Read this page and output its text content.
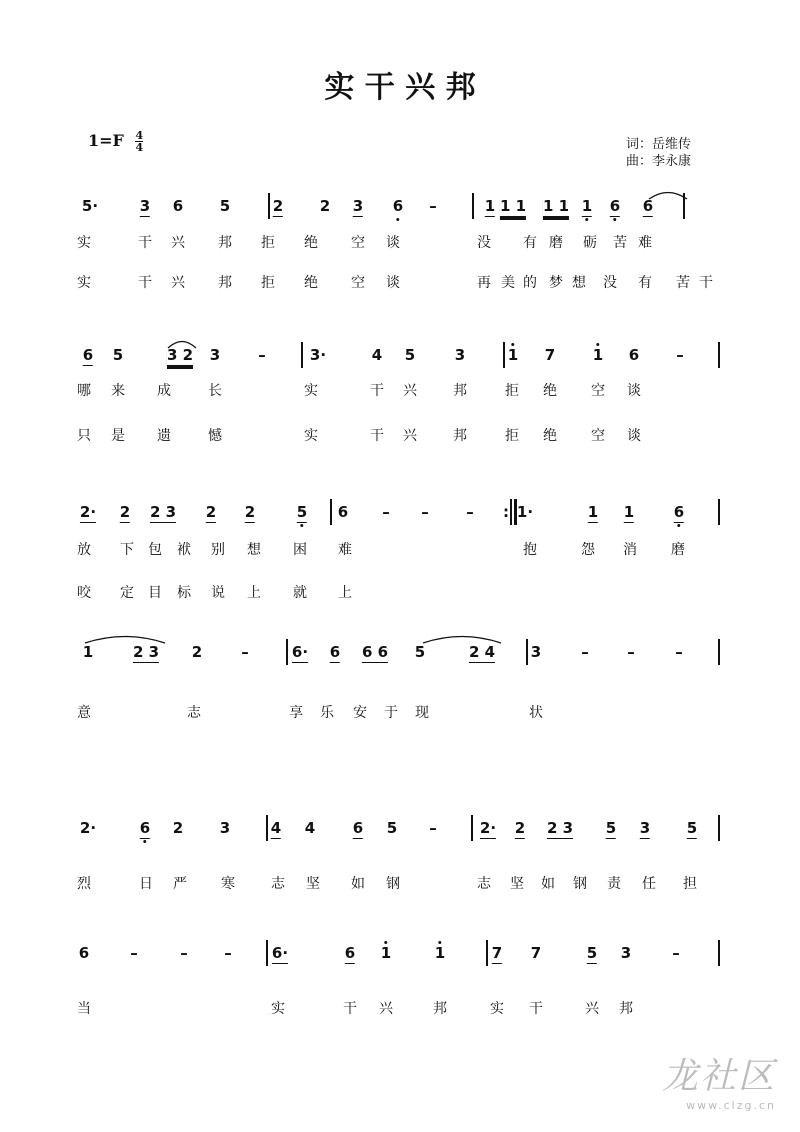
实 干 兴 邦
$1=F \frac{4}{4}$	词：岳维传
曲：李永康
5·	3 6 5	2 2 3 6 –	1 1 1 1 1 1 6 6
实	干 兴 邦 拒 绝 空 谈	没 有 磨 砺 苦 难
实	干 兴 邦 拒 绝 空 谈	再 美 的 梦 想 没 有 苦 干
6 5	3 2 3	–	3·	4 5	3	1 7	1 6 –
哪 来 成	长	实	干 兴	邦	拒 绝 空 谈
只 是 遗	憾	实	干 兴	邦	拒 绝 空 谈
2· 2 2 3 2 2	5 6 – –	– : 1·	1 1	6
放 下 包 袱 别 想 困 难	抱	怨 消 磨
咬 定 目 标 说 上 就 上
1	2 3 2	–	6· 6 6 6 5	2 4 3	–	–	–
意	志	享 乐 安 于 现	状
2·	6 2 3	4 4	6 5 –	2· 2 2 3 5 3 5
烈	日 严 寒	志 坚 如 钢	志 坚 如 钢 责 任 担
6	–	– –	6·	6 1	1	7 7	5 3	–
当	实	干 兴	邦	实 干	兴 邦
龙社区
www.clzg.cn
